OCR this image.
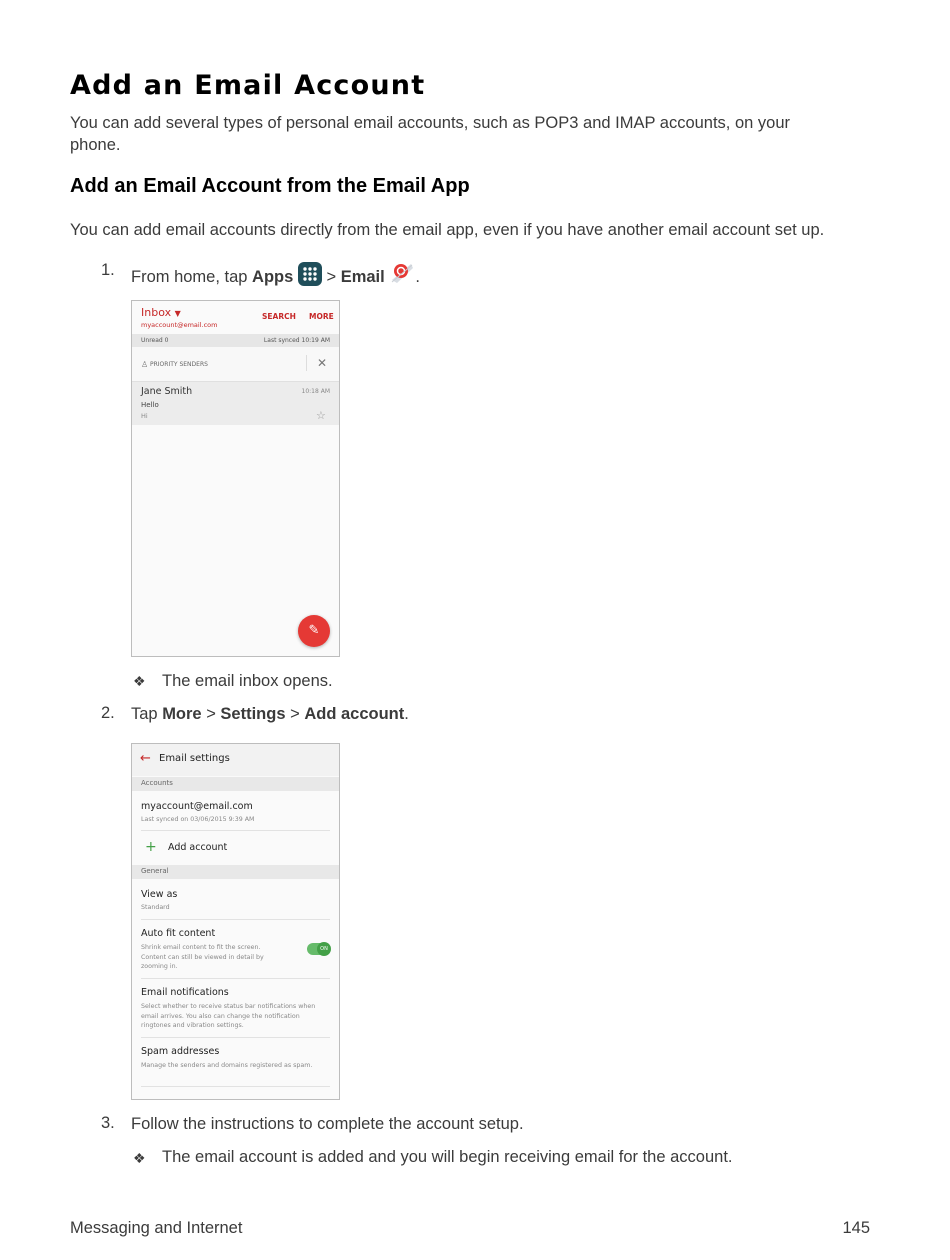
Add an Email Account
You can add several types of personal email accounts, such as POP3 and IMAP accounts, on your
phone.
Add an Email Account from the Email App
You can add email accounts directly from the email app, even if you have another email account set up.
1. From home, tap Apps  > Email .
Inbox ▼
myaccount@email.com
SEARCH MORE
Unread 0	Last synced 10:19 AM
♙ PRIORITY SENDERS	✕
Jane Smith	10:18 AM
Hello
Hi	☆
✎
❖ The email inbox opens.
2. Tap More > Settings > Add account.
← Email settings
Accounts
myaccount@email.com
Last synced on 03/06/2015 9:39 AM
+ Add account
General
View as
Standard
Auto fit content
Shrink email content to fit the screen. Content can still be viewed in detail by zooming in.
ON
Email notifications
Select whether to receive status bar notifications when email arrives. You also can change the notification ringtones and vibration settings.
Spam addresses
Manage the senders and domains registered as spam.
3. Follow the instructions to complete the account setup.
❖ The email account is added and you will begin receiving email for the account.
Messaging and Internet	145
